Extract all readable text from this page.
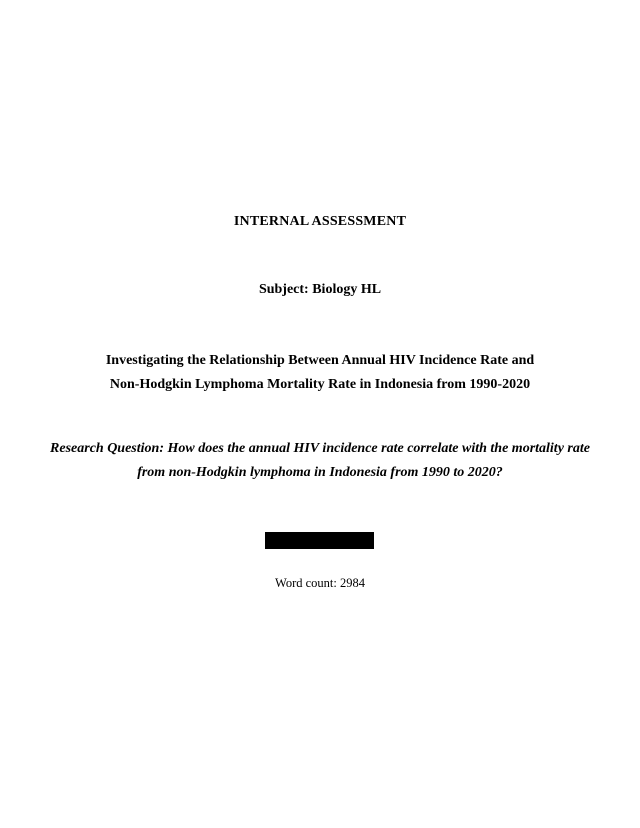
INTERNAL ASSESSMENT
Subject: Biology HL
Investigating the Relationship Between Annual HIV Incidence Rate and
Non-Hodgkin Lymphoma Mortality Rate in Indonesia from 1990-2020
Research Question: How does the annual HIV incidence rate correlate with the mortality rate
from non-Hodgkin lymphoma in Indonesia from 1990 to 2020?
Word count: 2984
